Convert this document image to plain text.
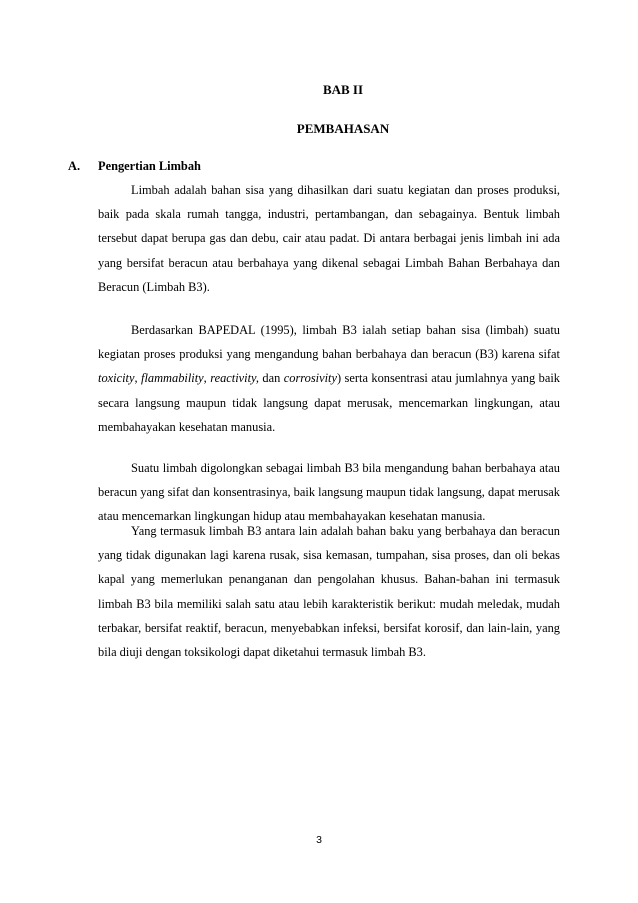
BAB II
PEMBAHASAN
A. Pengertian Limbah

Limbah adalah bahan sisa yang dihasilkan dari suatu kegiatan dan proses produksi, baik pada skala rumah tangga, industri, pertambangan, dan sebagainya. Bentuk limbah tersebut dapat berupa gas dan debu, cair atau padat. Di antara berbagai jenis limbah ini ada yang bersifat beracun atau berbahaya yang dikenal sebagai Limbah Bahan Berbahaya dan Beracun (Limbah B3).

Berdasarkan BAPEDAL (1995), limbah B3 ialah setiap bahan sisa (limbah) suatu kegiatan proses produksi yang mengandung bahan berbahaya dan beracun (B3) karena sifat toxicity, flammability, reactivity, dan corrosivity) serta konsentrasi atau jumlahnya yang baik secara langsung maupun tidak langsung dapat merusak, mencemarkan lingkungan, atau membahayakan kesehatan manusia.

Suatu limbah digolongkan sebagai limbah B3 bila mengandung bahan berbahaya atau beracun yang sifat dan konsentrasinya, baik langsung maupun tidak langsung, dapat merusak atau mencemarkan lingkungan hidup atau membahayakan kesehatan manusia.

Yang termasuk limbah B3 antara lain adalah bahan baku yang berbahaya dan beracun yang tidak digunakan lagi karena rusak, sisa kemasan, tumpahan, sisa proses, dan oli bekas kapal yang memerlukan penanganan dan pengolahan khusus. Bahan-bahan ini termasuk limbah B3 bila memiliki salah satu atau lebih karakteristik berikut: mudah meledak, mudah terbakar, bersifat reaktif, beracun, menyebabkan infeksi, bersifat korosif, dan lain-lain, yang bila diuji dengan toksikologi dapat diketahui termasuk limbah B3.

3
